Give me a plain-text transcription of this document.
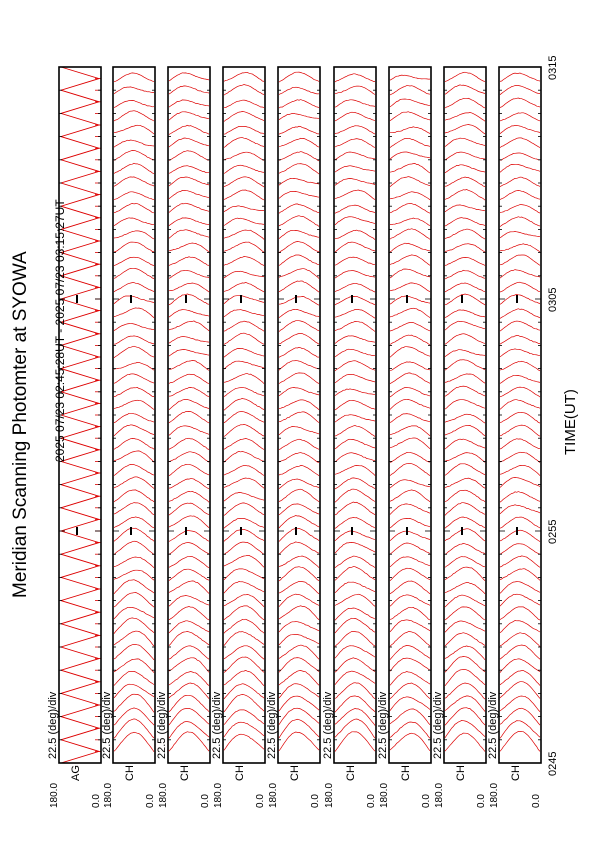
22.5 (deg)/div
180.0	0.0
AG
22.5 (deg)/div
180.0	0.0
CH
22.5 (deg)/div
180.0	0.0
CH
22.5 (deg)/div
180.0	0.0
CH
22.5 (deg)/div
180.0	0.0
CH
22.5 (deg)/div
180.0	0.0
CH
22.5 (deg)/div
180.0	0.0
CH
22.5 (deg)/div
180.0	0.0
CH
22.5 (deg)/div
180.0	0.0
CH
Meridian Scanning Photomter at SYOWA 2025 07/23 02:45:28UT - 2025 07/23 03:15:27UT	TIME(UT)
0245
0255
0305
0315
